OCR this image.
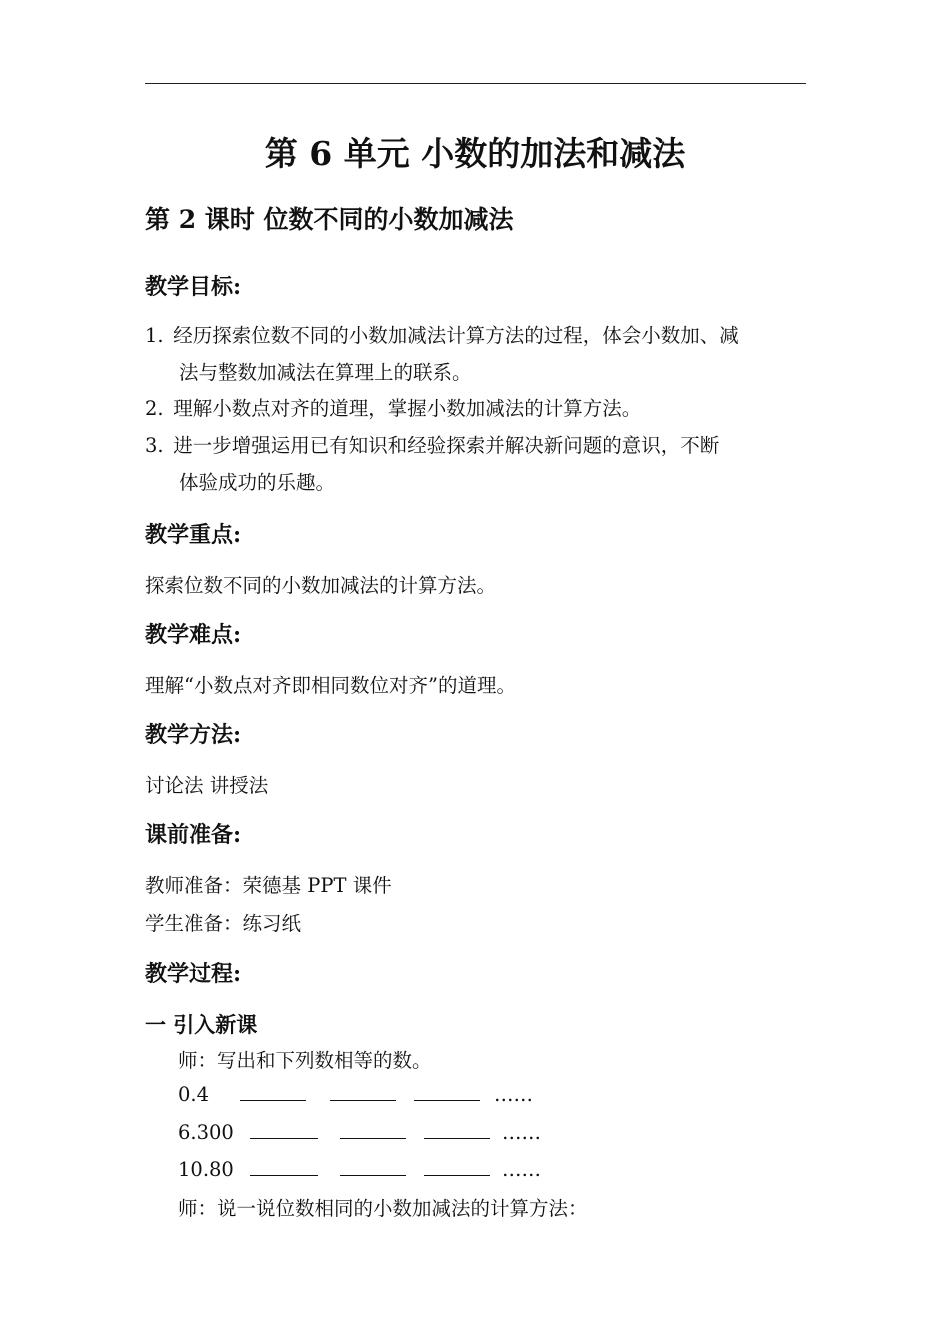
第 6 单元 小数的加法和减法
第 2 课时 位数不同的小数加减法
教学目标:
1. 经历探索位数不同的小数加减法计算方法的过程，体会小数加、减
法与整数加减法在算理上的联系。
2. 理解小数点对齐的道理，掌握小数加减法的计算方法。
3. 进一步增强运用已有知识和经验探索并解决新问题的意识，不断
体验成功的乐趣。
教学重点:
探索位数不同的小数加减法的计算方法。
教学难点:
理解“小数点对齐即相同数位对齐”的道理。
教学方法:
讨论法 讲授法
课前准备:
教师准备：荣德基 PPT 课件
学生准备：练习纸
教学过程:
一 引入新课
师：写出和下列数相等的数。
0.4	……
6.300	……
10.80	……
师：说一说位数相同的小数加减法的计算方法：
